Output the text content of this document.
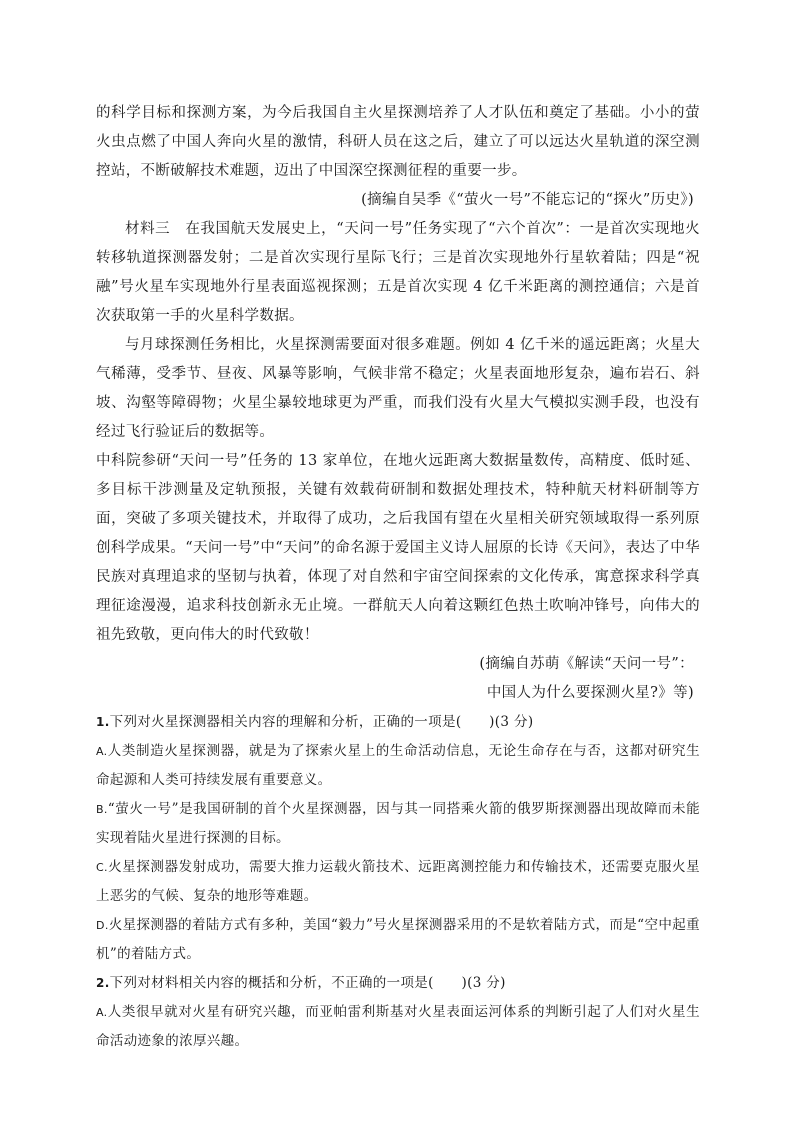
的科学目标和探测方案，为今后我国自主火星探测培养了人才队伍和奠定了基础。小小的萤火虫点燃了中国人奔向火星的激情，科研人员在这之后，建立了可以远达火星轨道的深空测控站，不断破解技术难题，迈出了中国深空探测征程的重要一步。

(摘编自吴季《“萤火一号”不能忘记的“探火”历史》)

材料三　在我国航天发展史上，“天问一号”任务实现了“六个首次”：一是首次实现地火转移轨道探测器发射；二是首次实现行星际飞行；三是首次实现地外行星软着陆；四是“祝融”号火星车实现地外行星表面巡视探测；五是首次实现 4 亿千米距离的测控通信；六是首次获取第一手的火星科学数据。

与月球探测任务相比，火星探测需要面对很多难题。例如 4 亿千米的遥远距离；火星大气稀薄，受季节、昼夜、风暴等影响，气候非常不稳定；火星表面地形复杂，遍布岩石、斜坡、沟壑等障碍物；火星尘暴较地球更为严重，而我们没有火星大气模拟实测手段，也没有经过飞行验证后的数据等。

中科院参研“天问一号”任务的 13 家单位，在地火远距离大数据量数传，高精度、低时延、多目标干涉测量及定轨预报，关键有效载荷研制和数据处理技术，特种航天材料研制等方面，突破了多项关键技术，并取得了成功，之后我国有望在火星相关研究领域取得一系列原创科学成果。“天问一号”中“天问”的命名源于爱国主义诗人屈原的长诗《天问》，表达了中华民族对真理追求的坚韧与执着，体现了对自然和宇宙空间探索的文化传承，寓意探求科学真理征途漫漫，追求科技创新永无止境。一群航天人向着这颗红色热土吹响冲锋号，向伟大的祖先致敬，更向伟大的时代致敬！

(摘编自苏萌《解读“天问一号”：
中国人为什么要探测火星?》等)

1.下列对火星探测器相关内容的理解和分析，正确的一项是(　　)(3 分)

A.人类制造火星探测器，就是为了探索火星上的生命活动信息，无论生命存在与否，这都对研究生命起源和人类可持续发展有重要意义。

B.“萤火一号”是我国研制的首个火星探测器，因与其一同搭乘火箭的俄罗斯探测器出现故障而未能实现着陆火星进行探测的目标。

C.火星探测器发射成功，需要大推力运载火箭技术、远距离测控能力和传输技术，还需要克服火星上恶劣的气候、复杂的地形等难题。

D.火星探测器的着陆方式有多种，美国“毅力”号火星探测器采用的不是软着陆方式，而是“空中起重机”的着陆方式。

2.下列对材料相关内容的概括和分析，不正确的一项是(　　)(3 分)

A.人类很早就对火星有研究兴趣，而亚帕雷利斯基对火星表面运河体系的判断引起了人们对火星生命活动迹象的浓厚兴趣。
